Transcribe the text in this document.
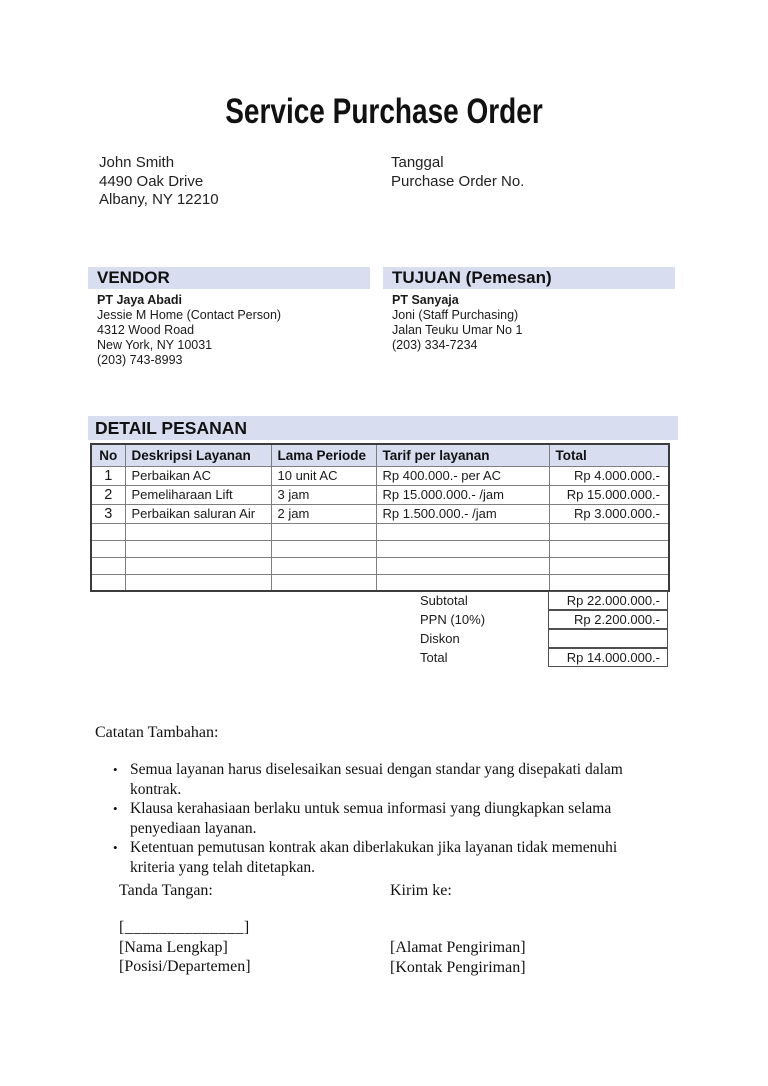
Service Purchase Order
John Smith
4490 Oak Drive
Albany, NY 12210
Tanggal
Purchase Order No.
VENDOR
PT Jaya Abadi
Jessie M Home (Contact Person)
4312 Wood Road
New York, NY 10031
(203) 743-8993
TUJUAN (Pemesan)
PT Sanyaja
Joni (Staff Purchasing)
Jalan Teuku Umar No 1
(203) 334-7234
DETAIL PESANAN
No	Deskripsi Layanan	Lama Periode	Tarif per layanan	Total
1	Perbaikan AC	10 unit AC	Rp 400.000.- per AC	Rp 4.000.000.-
2	Pemeliharaan Lift	3 jam	Rp 15.000.000.- /jam	Rp 15.000.000.-
3	Perbaikan saluran Air	2 jam	Rp 1.500.000.- /jam	Rp 3.000.000.-

Subtotal	Rp 22.000.000.-
PPN (10%)	Rp 2.200.000.-
Diskon
Total	Rp 14.000.000.-
Catatan Tambahan:
• Semua layanan harus diselesaikan sesuai dengan standar yang disepakati dalam kontrak.
• Klausa kerahasiaan berlaku untuk semua informasi yang diungkapkan selama penyediaan layanan.
• Ketentuan pemutusan kontrak akan diberlakukan jika layanan tidak memenuhi kriteria yang telah ditetapkan.
Tanda Tangan:
[______________]
[Nama Lengkap]
[Posisi/Departemen]
Kirim ke:
[Alamat Pengiriman]
[Kontak Pengiriman]
